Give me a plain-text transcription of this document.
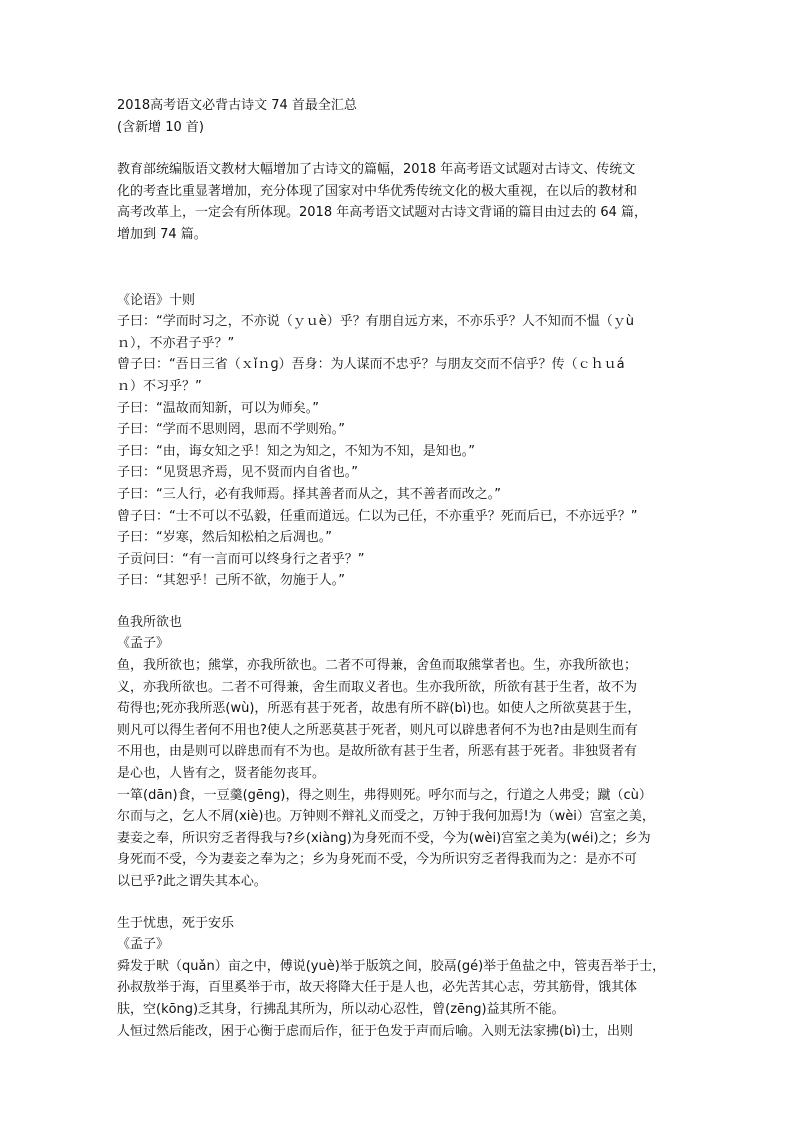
2018高考语文必背古诗文 74 首最全汇总

(含新增 10 首)

教育部统编版语文教材大幅增加了古诗文的篇幅，2018 年高考语文试题对古诗文、传统文

化的考查比重显著增加，充分体现了国家对中华优秀传统文化的极大重视，在以后的教材和

高考改革上，一定会有所体现。2018 年高考语文试题对古诗文背诵的篇目由过去的 64 篇，

增加到 74 篇。

《论语》十则

子曰：“学而时习之，不亦说（ｙｕè）乎？有朋自远方来，不亦乐乎？人不知而不愠（ｙù

ｎ），不亦君子乎？”

曾子曰：“吾日三省（ｘǐｎɡ）吾身：为人谋而不忠乎？与朋友交而不信乎？传（ｃｈｕá

ｎ）不习乎？”

子曰：“温故而知新，可以为师矣。”

子曰：“学而不思则罔，思而不学则殆。”

子曰：“由，诲女知之乎！知之为知之，不知为不知，是知也。”

子曰：“见贤思齐焉，见不贤而内自省也。”

子曰：“三人行，必有我师焉。择其善者而从之，其不善者而改之。”

曾子曰：“士不可以不弘毅，任重而道远。仁以为己任，不亦重乎？死而后已，不亦远乎？”

子曰：“岁寒，然后知松柏之后凋也。”

子贡问曰：“有一言而可以终身行之者乎？”

子曰：“其恕乎！己所不欲，勿施于人。”

鱼我所欲也

《孟子》

鱼，我所欲也；熊掌，亦我所欲也。二者不可得兼，舍鱼而取熊掌者也。生，亦我所欲也；

义，亦我所欲也。二者不可得兼，舍生而取义者也。生亦我所欲，所欲有甚于生者，故不为

苟得也;死亦我所恶(wù)，所恶有甚于死者，故患有所不辟(bì)也。如使人之所欲莫甚于生，

则凡可以得生者何不用也?使人之所恶莫甚于死者，则凡可以辟患者何不为也?由是则生而有

不用也，由是则可以辟患而有不为也。是故所欲有甚于生者，所恶有甚于死者。非独贤者有

是心也，人皆有之，贤者能勿丧耳。

一箪(dān)食，一豆羹(gēng)，得之则生，弗得则死。呼尔而与之，行道之人弗受；蹴（cù）

尔而与之，乞人不屑(xiè)也。万钟则不辩礼义而受之，万钟于我何加焉!为（wèi）宫室之美，

妻妾之奉，所识穷乏者得我与?乡(xiàng)为身死而不受，今为(wèi)宫室之美为(wéi)之；乡为

身死而不受，今为妻妾之奉为之；乡为身死而不受，今为所识穷乏者得我而为之：是亦不可

以已乎?此之谓失其本心。

生于忧患，死于安乐

《孟子》

舜发于畎（quǎn）亩之中，傅说(yuè)举于版筑之间，胶鬲(gé)举于鱼盐之中，管夷吾举于士，

孙叔敖举于海，百里奚举于市，故天将降大任于是人也，必先苦其心志，劳其筋骨，饿其体

肤，空(kōng)乏其身，行拂乱其所为，所以动心忍性，曾(zēng)益其所不能。

人恒过然后能改，困于心衡于虑而后作，征于色发于声而后喻。入则无法家拂(bì)士，出则
